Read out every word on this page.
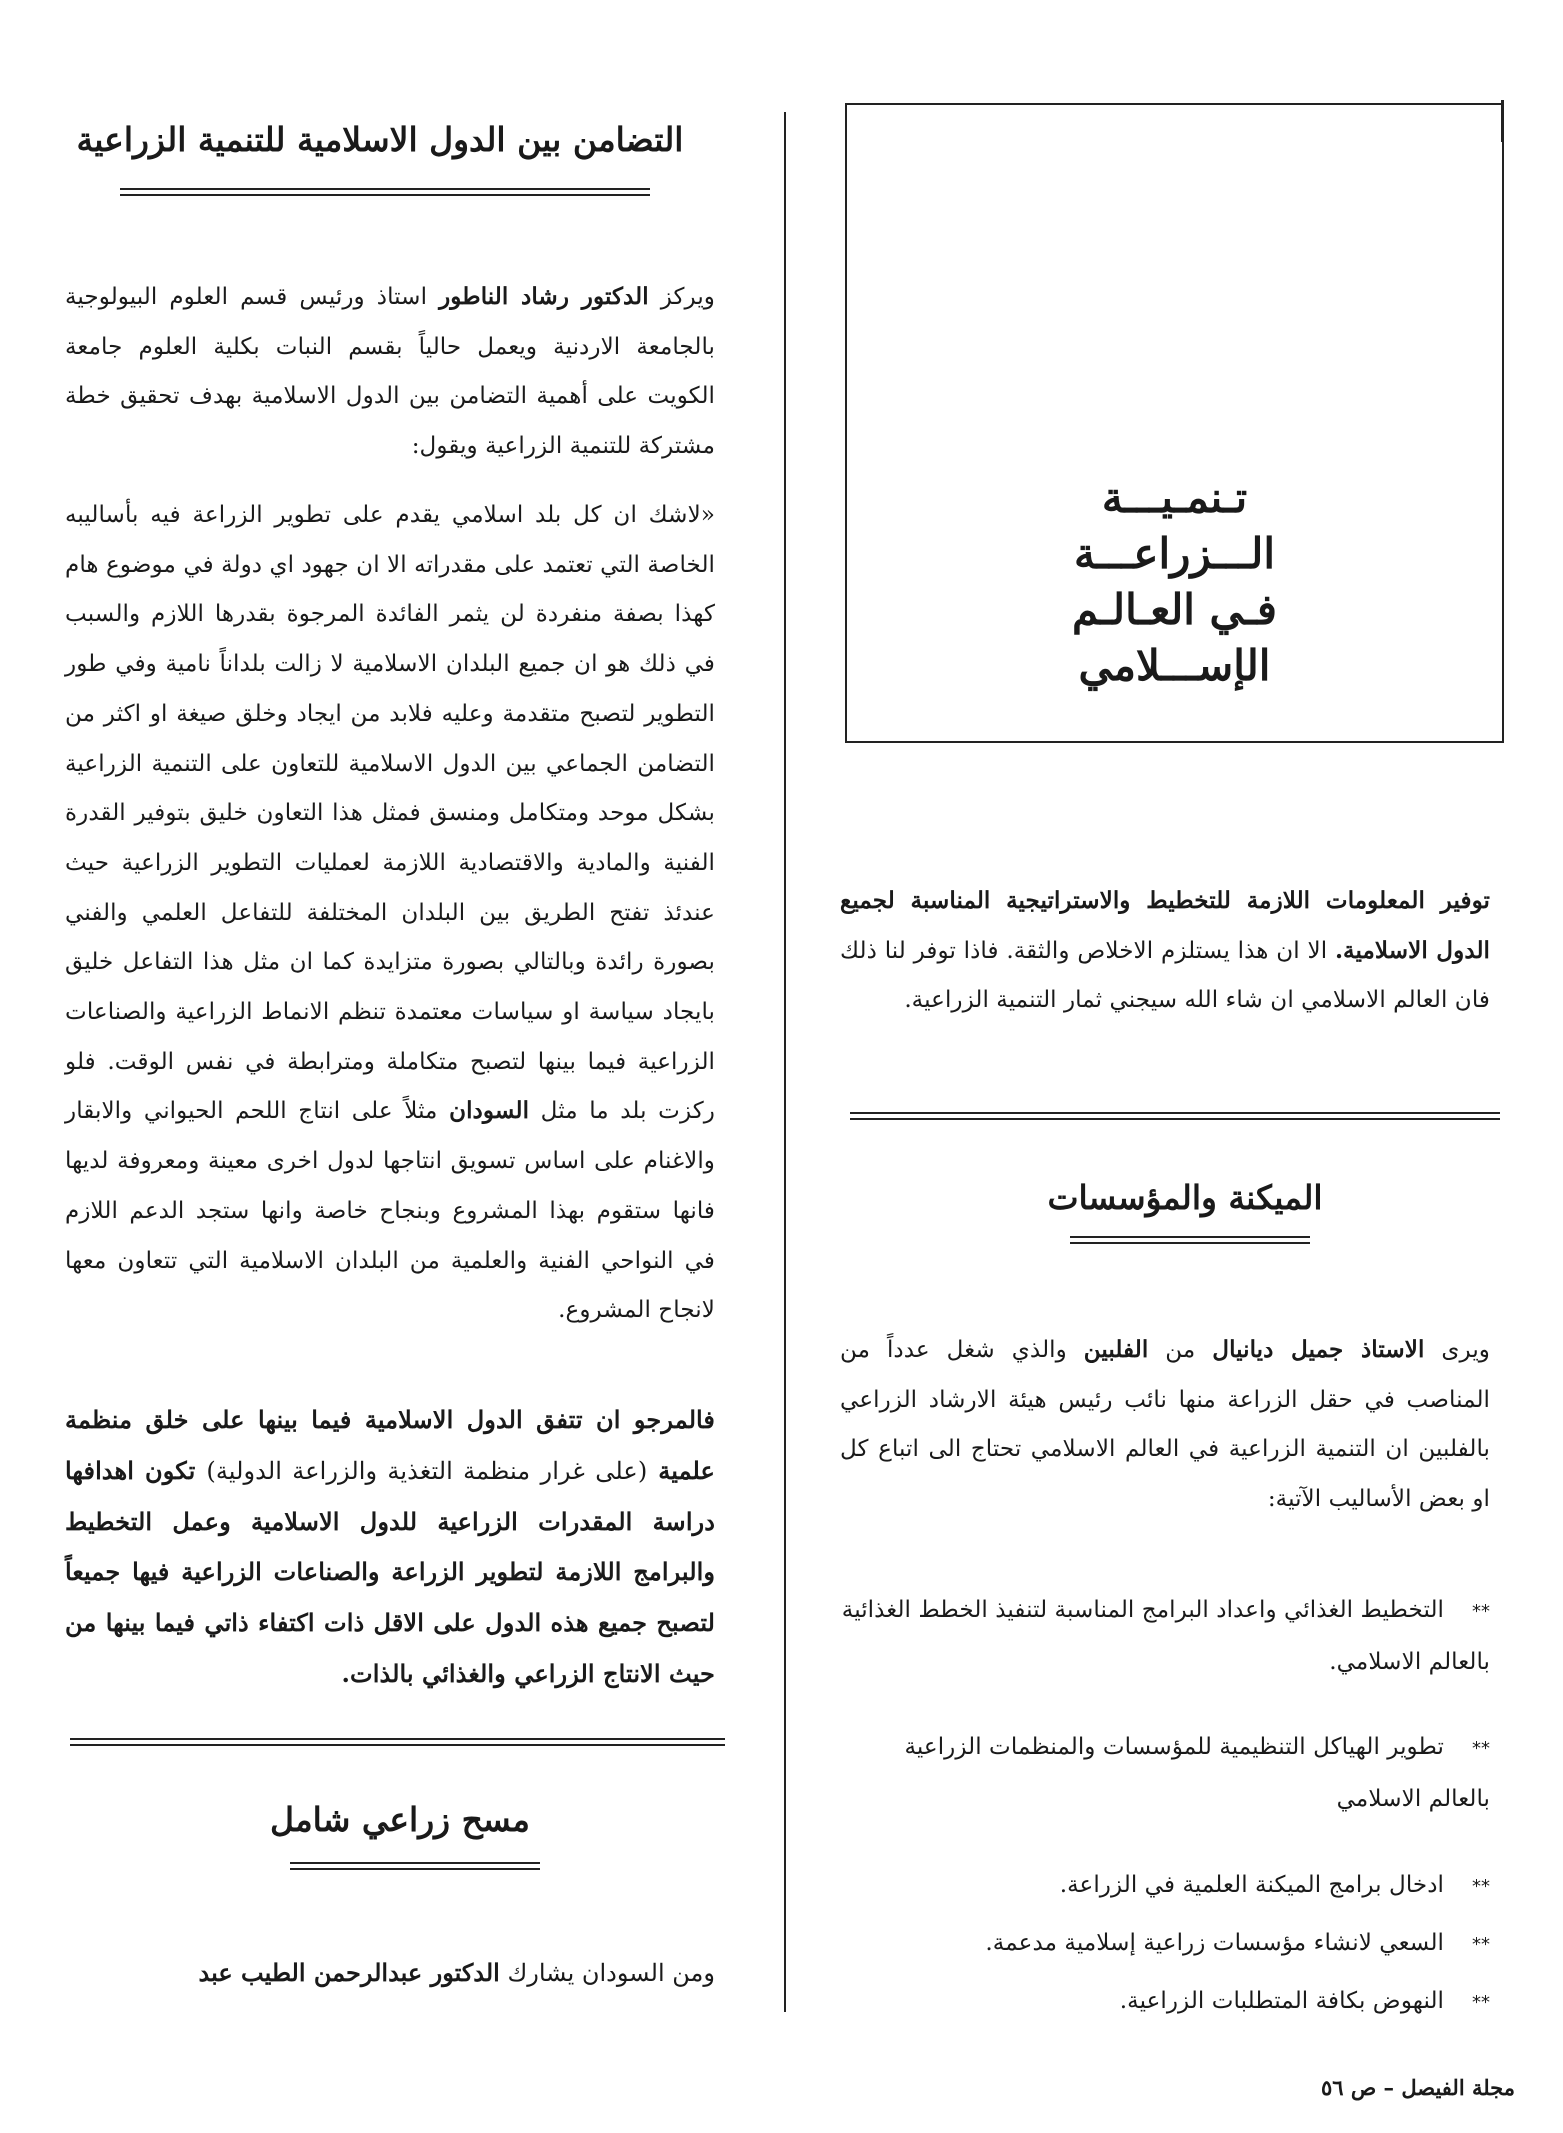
التضامن بين الدول الاسلامية للتنمية الزراعية
ويركز الدكتور رشاد الناطور استاذ ورئيس قسم العلوم البيولوجية بالجامعة الاردنية ويعمل حالياً بقسم النبات بكلية العلوم جامعة الكويت على أهمية التضامن بين الدول الاسلامية بهدف تحقيق خطة مشتركة للتنمية الزراعية ويقول:
«لاشك ان كل بلد اسلامي يقدم على تطوير الزراعة فيه بأساليبه الخاصة التي تعتمد على مقدراته الا ان جهود اي دولة في موضوع هام كهذا بصفة منفردة لن يثمر الفائدة المرجوة بقدرها اللازم والسبب في ذلك هو ان جميع البلدان الاسلامية لا زالت بلداناً نامية وفي طور التطوير لتصبح متقدمة وعليه فلابد من ايجاد وخلق صيغة او اكثر من التضامن الجماعي بين الدول الاسلامية للتعاون على التنمية الزراعية بشكل موحد ومتكامل ومنسق فمثل هذا التعاون خليق بتوفير القدرة الفنية والمادية والاقتصادية اللازمة لعمليات التطوير الزراعية حيث عندئذ تفتح الطريق بين البلدان المختلفة للتفاعل العلمي والفني بصورة رائدة وبالتالي بصورة متزايدة كما ان مثل هذا التفاعل خليق بايجاد سياسة او سياسات معتمدة تنظم الانماط الزراعية والصناعات الزراعية فيما بينها لتصبح متكاملة ومترابطة في نفس الوقت. فلو ركزت بلد ما مثل السودان مثلاً على انتاج اللحم الحيواني والابقار والاغنام على اساس تسويق انتاجها لدول اخرى معينة ومعروفة لديها فانها ستقوم بهذا المشروع وبنجاح خاصة وانها ستجد الدعم اللازم في النواحي الفنية والعلمية من البلدان الاسلامية التي تتعاون معها لانجاح المشروع.
فالمرجو ان تتفق الدول الاسلامية فيما بينها على خلق منظمة علمية (على غرار منظمة التغذية والزراعة الدولية) تكون اهدافها دراسة المقدرات الزراعية للدول الاسلامية وعمل التخطيط والبرامج اللازمة لتطوير الزراعة والصناعات الزراعية فيها جميعاً لتصبح جميع هذه الدول على الاقل ذات اكتفاء ذاتي فيما بينها من حيث الانتاج الزراعي والغذائي بالذات.
مسح زراعي شامل
ومن السودان يشارك الدكتور عبدالرحمن الطيب عبد
تـنمـيـــة
الـــزراعـــة
فـي العـالـم
الإســـلامي
توفير المعلومات اللازمة للتخطيط والاستراتيجية المناسبة لجميع الدول الاسلامية. الا ان هذا يستلزم الاخلاص والثقة. فاذا توفر لنا ذلك فان العالم الاسلامي ان شاء الله سيجني ثمار التنمية الزراعية.
الميكنة والمؤسسات
ويرى الاستاذ جميل ديانيال من الفلبين والذي شغل عدداً من المناصب في حقل الزراعة منها نائب رئيس هيئة الارشاد الزراعي بالفلبين ان التنمية الزراعية في العالم الاسلامي تحتاج الى اتباع كل او بعض الأساليب الآتية:
**التخطيط الغذائي واعداد البرامج المناسبة لتنفيذ الخطط الغذائية بالعالم الاسلامي.
**تطوير الهياكل التنظيمية للمؤسسات والمنظمات الزراعية بالعالم الاسلامي
**ادخال برامج الميكنة العلمية في الزراعة.
**السعي لانشاء مؤسسات زراعية إسلامية مدعمة.
**النهوض بكافة المتطلبات الزراعية.
مجلة الفيصل – ص ٥٦
